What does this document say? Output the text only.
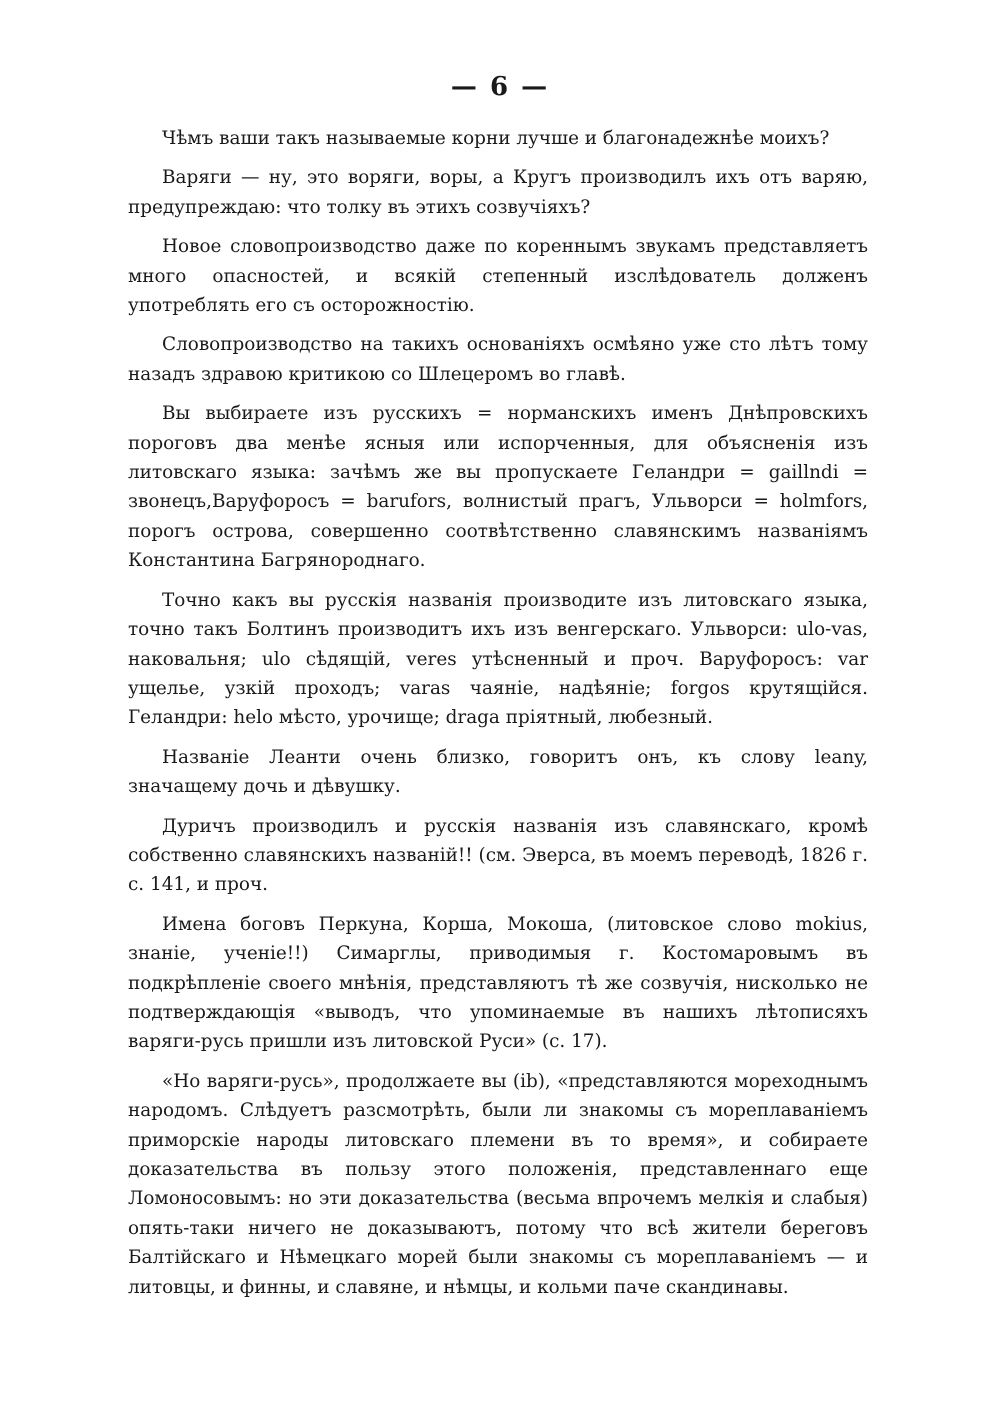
— 6 —

Чѣмъ ваши такъ называемые корни лучше и благонадежнѣе моихъ?

Варяги — ну, это воряги, воры, а Кругъ производилъ ихъ отъ варяю, предупреждаю: что толку въ этихъ созвучіяхъ?

Новое словопроизводство даже по кореннымъ звукамъ представляетъ много опасностей, и всякій степенный изслѣдователь долженъ употреблять его съ осторожностію.

Словопроизводство на такихъ основаніяхъ осмѣяно уже сто лѣтъ тому назадъ здравою критикою со Шлецеромъ во главѣ.

Вы выбираете изъ русскихъ = норманскихъ именъ Днѣпровскихъ пороговъ два менѣе ясныя или испорченныя, для объясненія изъ литовскаго языка: зачѣмъ же вы пропускаете Геландри = gaillndi = звонецъ,Варуфоросъ = barufors, волнистый прагъ, Ульворси = holmfors, порогъ острова, совершенно соотвѣтственно славянскимъ названіямъ Константина Багрянороднаго.

Точно какъ вы русскія названія производите изъ литовскаго языка, точно такъ Болтинъ производитъ ихъ изъ венгерскаго. Ульворси: ulo-vas, наковальня; ulo сѣдящій, veres утѣсненный и проч. Варуфоросъ: var ущелье, узкій проходъ; varas чаяніе, надѣяніе; forgos крутящійся. Геландри: helo мѣсто, урочище; draga пріятный, любезный.

Названіе Леанти очень близко, говоритъ онъ, къ слову leany, значащему дочь и дѣвушку.

Дуричъ производилъ и русскія названія изъ славянскаго, кромѣ собственно славянскихъ названій!! (см. Эверса, въ моемъ переводѣ, 1826 г. с. 141, и проч.

Имена боговъ Перкуна, Корша, Мокоша, (литовское слово mokius, знаніе, ученіе!!) Симарглы, приводимыя г. Костомаровымъ въ подкрѣпленіе своего мнѣнія, представляютъ тѣ же созвучія, нисколько не подтверждающія «выводъ, что упоминаемые въ нашихъ лѣтописяхъ варяги-русь пришли изъ литовской Руси» (с. 17).

«Но варяги-русь», продолжаете вы (ib), «представляются мореходнымъ народомъ. Слѣдуетъ разсмотрѣть, были ли знакомы съ мореплаваніемъ приморскіе народы литовскаго племени въ то время», и собираете доказательства въ пользу этого положенія, представленнаго еще Ломоносовымъ: но эти доказательства (весьма впрочемъ мелкія и слабыя) опять-таки ничего не доказываютъ, потому что всѣ жители береговъ Балтійскаго и Нѣмецкаго морей были знакомы съ мореплаваніемъ — и литовцы, и финны, и славяне, и нѣмцы, и кольми паче скандинавы.
